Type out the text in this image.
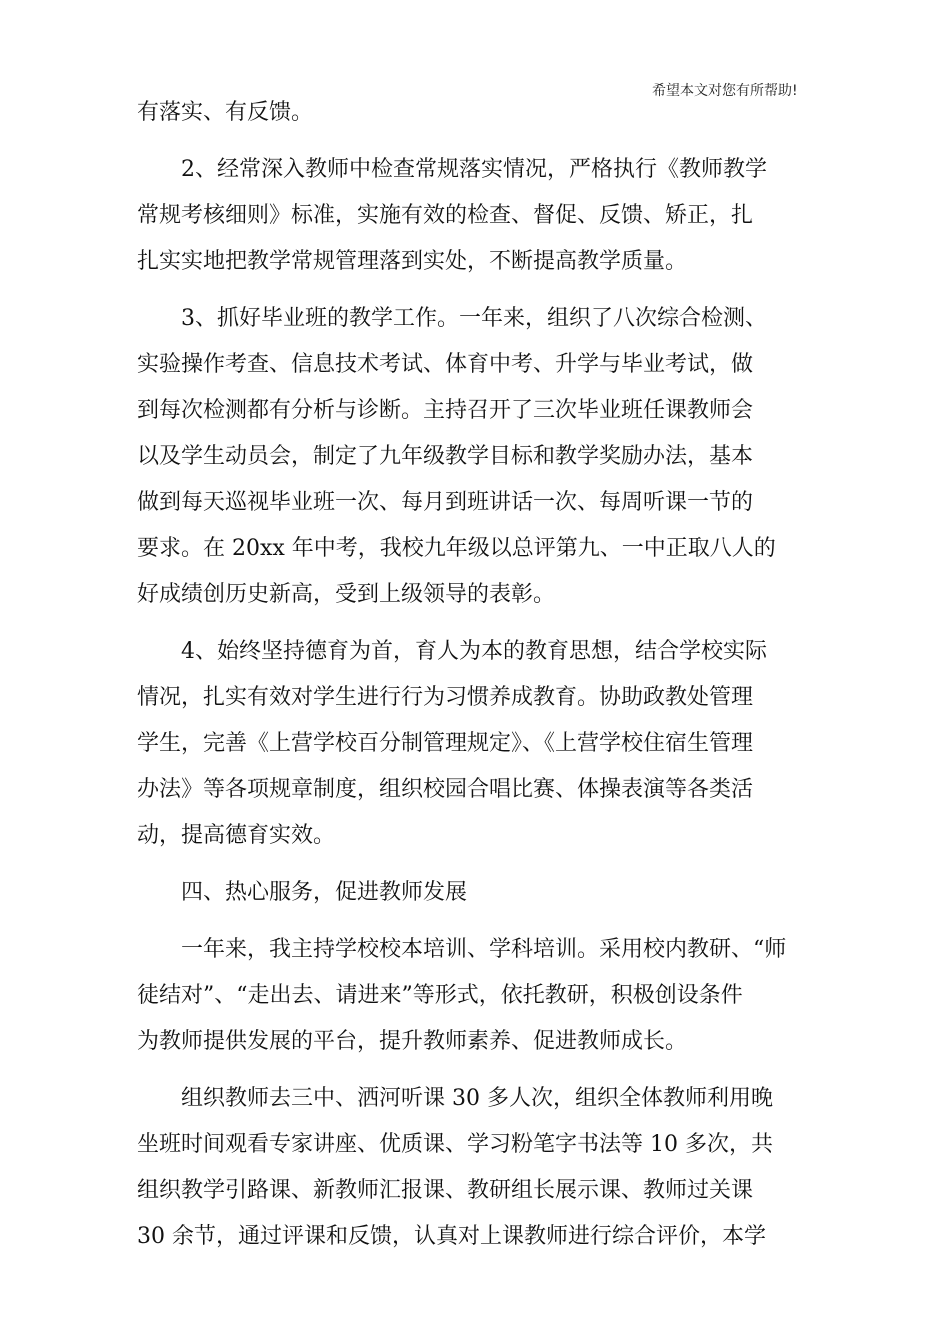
希望本文对您有所帮助!
有落实、有反馈。
2、经常深入教师中检查常规落实情况，严格执行《教师教学
常规考核细则》标准，实施有效的检查、督促、反馈、矫正，扎
扎实实地把教学常规管理落到实处，不断提高教学质量。
3、抓好毕业班的教学工作。一年来，组织了八次综合检测、
实验操作考查、信息技术考试、体育中考、升学与毕业考试，做
到每次检测都有分析与诊断。主持召开了三次毕业班任课教师会
以及学生动员会，制定了九年级教学目标和教学奖励办法，基本
做到每天巡视毕业班一次、每月到班讲话一次、每周听课一节的
要求。在 20xx 年中考，我校九年级以总评第九、一中正取八人的
好成绩创历史新高，受到上级领导的表彰。
4、始终坚持德育为首，育人为本的教育思想，结合学校实际
情况，扎实有效对学生进行行为习惯养成教育。协助政教处管理
学生，完善《上营学校百分制管理规定》、《上营学校住宿生管理
办法》等各项规章制度，组织校园合唱比赛、体操表演等各类活
动，提高德育实效。
四、热心服务，促进教师发展
一年来，我主持学校校本培训、学科培训。采用校内教研、“师
徒结对”、“走出去、请进来”等形式，依托教研，积极创设条件
为教师提供发展的平台，提升教师素养、促进教师成长。
组织教师去三中、洒河听课 30 多人次，组织全体教师利用晚
坐班时间观看专家讲座、优质课、学习粉笔字书法等 10 多次，共
组织教学引路课、新教师汇报课、教研组长展示课、教师过关课
30 余节，通过评课和反馈，认真对上课教师进行综合评价，本学
